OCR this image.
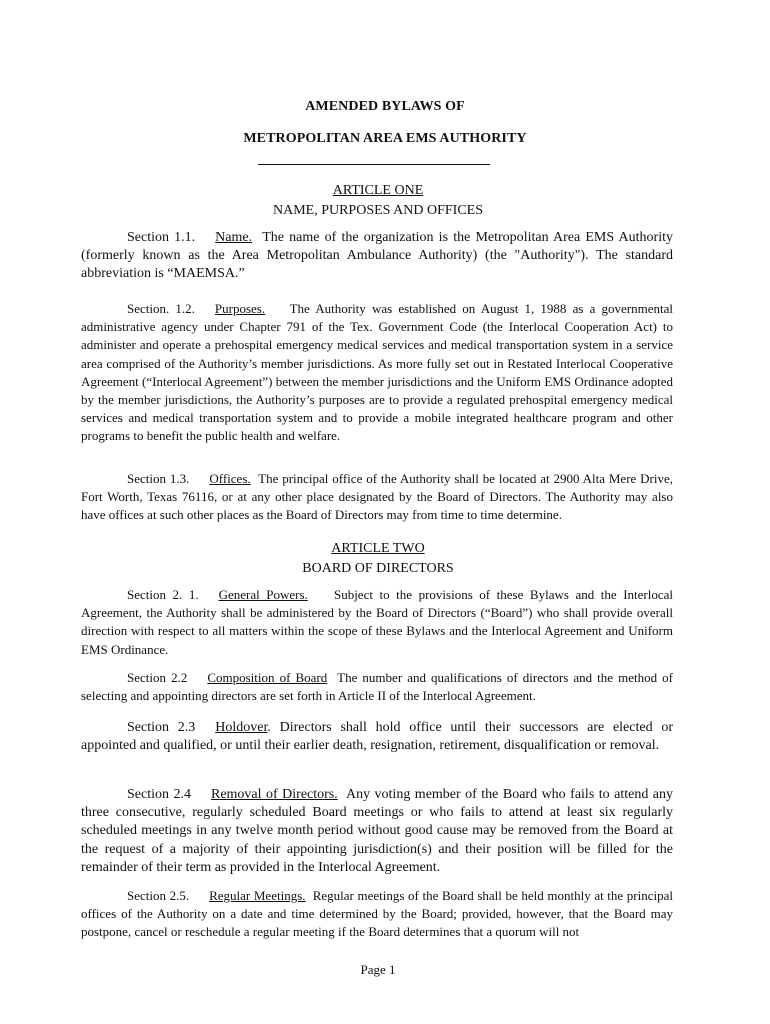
AMENDED BYLAWS OF
METROPOLITAN AREA EMS AUTHORITY
ARTICLE ONE
NAME, PURPOSES AND OFFICES
Section 1.1. Name. The name of the organization is the Metropolitan Area EMS Authority (formerly known as the Area Metropolitan Ambulance Authority) (the "Authority"). The standard abbreviation is “MAEMSA.”
Section. 1.2. Purposes. The Authority was established on August 1, 1988 as a governmental administrative agency under Chapter 791 of the Tex. Government Code (the Interlocal Cooperation Act) to administer and operate a prehospital emergency medical services and medical transportation system in a service area comprised of the Authority’s member jurisdictions. As more fully set out in Restated Interlocal Cooperative Agreement (“Interlocal Agreement”) between the member jurisdictions and the Uniform EMS Ordinance adopted by the member jurisdictions, the Authority’s purposes are to provide a regulated prehospital emergency medical services and medical transportation system and to provide a mobile integrated healthcare program and other programs to benefit the public health and welfare.
Section 1.3. Offices. The principal office of the Authority shall be located at 2900 Alta Mere Drive, Fort Worth, Texas 76116, or at any other place designated by the Board of Directors. The Authority may also have offices at such other places as the Board of Directors may from time to time determine.
ARTICLE TWO
BOARD OF DIRECTORS
Section 2. 1. General Powers. Subject to the provisions of these Bylaws and the Interlocal Agreement, the Authority shall be administered by the Board of Directors (“Board”) who shall provide overall direction with respect to all matters within the scope of these Bylaws and the Interlocal Agreement and Uniform EMS Ordinance.
Section 2.2 Composition of Board The number and qualifications of directors and the method of selecting and appointing directors are set forth in Article II of the Interlocal Agreement.
Section 2.3 Holdover. Directors shall hold office until their successors are elected or appointed and qualified, or until their earlier death, resignation, retirement, disqualification or removal.
Section 2.4 Removal of Directors. Any voting member of the Board who fails to attend any three consecutive, regularly scheduled Board meetings or who fails to attend at least six regularly scheduled meetings in any twelve month period without good cause may be removed from the Board at the request of a majority of their appointing jurisdiction(s) and their position will be filled for the remainder of their term as provided in the Interlocal Agreement.
Section 2.5. Regular Meetings. Regular meetings of the Board shall be held monthly at the principal offices of the Authority on a date and time determined by the Board; provided, however, that the Board may postpone, cancel or reschedule a regular meeting if the Board determines that a quorum will not
Page 1
